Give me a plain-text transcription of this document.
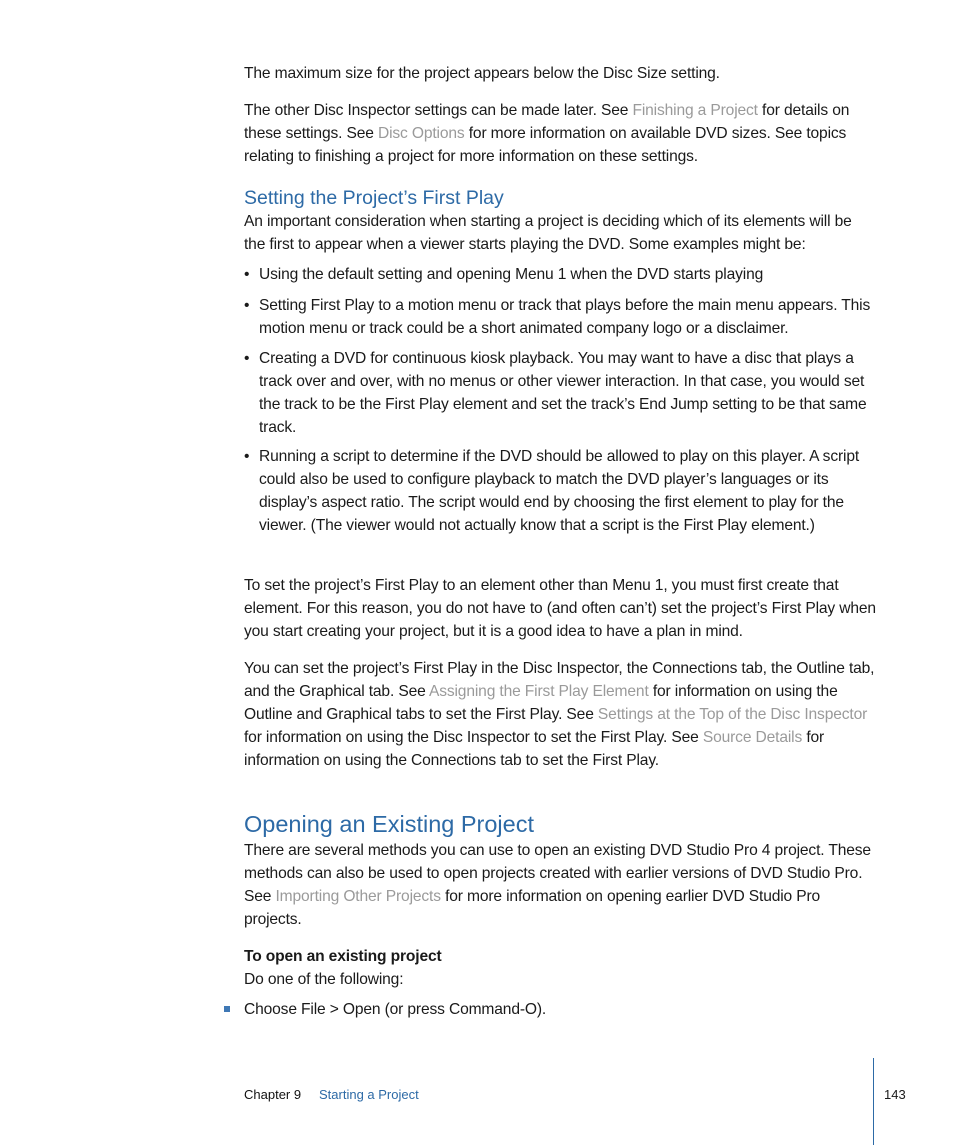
The maximum size for the project appears below the Disc Size setting.
The other Disc Inspector settings can be made later. See Finishing a Project for details on these settings. See Disc Options for more information on available DVD sizes. See topics relating to finishing a project for more information on these settings.
Setting the Project’s First Play
An important consideration when starting a project is deciding which of its elements will be the first to appear when a viewer starts playing the DVD. Some examples might be:
• Using the default setting and opening Menu 1 when the DVD starts playing
• Setting First Play to a motion menu or track that plays before the main menu appears. This motion menu or track could be a short animated company logo or a disclaimer.
• Creating a DVD for continuous kiosk playback. You may want to have a disc that plays a track over and over, with no menus or other viewer interaction. In that case, you would set the track to be the First Play element and set the track’s End Jump setting to be that same track.
• Running a script to determine if the DVD should be allowed to play on this player. A script could also be used to configure playback to match the DVD player’s languages or its display’s aspect ratio. The script would end by choosing the first element to play for the viewer. (The viewer would not actually know that a script is the First Play element.)
To set the project’s First Play to an element other than Menu 1, you must first create that element. For this reason, you do not have to (and often can’t) set the project’s First Play when you start creating your project, but it is a good idea to have a plan in mind.
You can set the project’s First Play in the Disc Inspector, the Connections tab, the Outline tab, and the Graphical tab. See Assigning the First Play Element for information on using the Outline and Graphical tabs to set the First Play. See Settings at the Top of the Disc Inspector for information on using the Disc Inspector to set the First Play. See Source Details for information on using the Connections tab to set the First Play.
Opening an Existing Project
There are several methods you can use to open an existing DVD Studio Pro 4 project. These methods can also be used to open projects created with earlier versions of DVD Studio Pro. See Importing Other Projects for more information on opening earlier DVD Studio Pro projects.
To open an existing project
Do one of the following:
Choose File > Open (or press Command-O).
Chapter 9 Starting a Project	143
